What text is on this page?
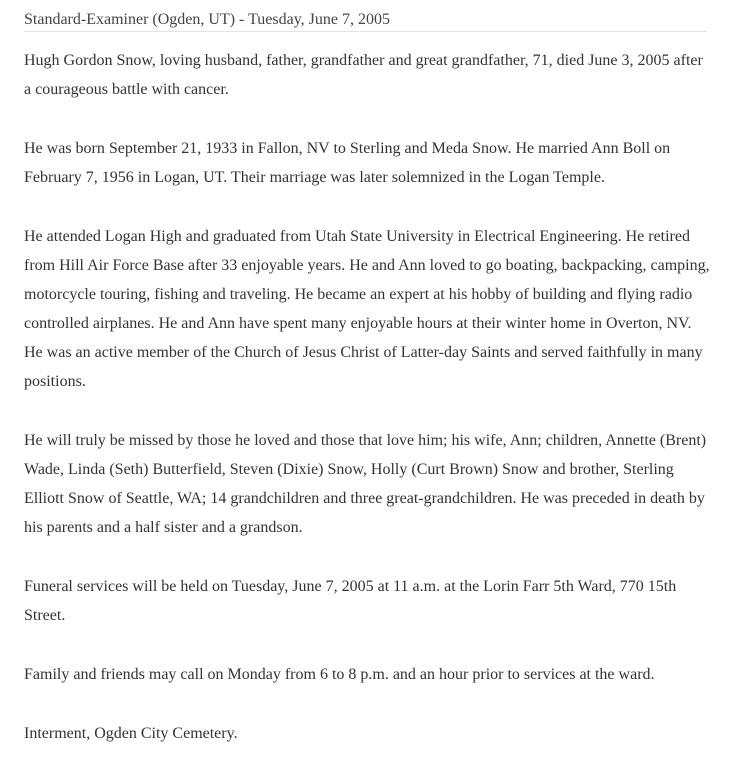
Standard-Examiner (Ogden, UT) - Tuesday, June 7, 2005

Hugh Gordon Snow, loving husband, father, grandfather and great grandfather, 71, died June 3, 2005 after a courageous battle with cancer.

He was born September 21, 1933 in Fallon, NV to Sterling and Meda Snow. He married Ann Boll on February 7, 1956 in Logan, UT. Their marriage was later solemnized in the Logan Temple.

He attended Logan High and graduated from Utah State University in Electrical Engineering. He retired from Hill Air Force Base after 33 enjoyable years. He and Ann loved to go boating, backpacking, camping, motorcycle touring, fishing and traveling. He became an expert at his hobby of building and flying radio controlled airplanes. He and Ann have spent many enjoyable hours at their winter home in Overton, NV. He was an active member of the Church of Jesus Christ of Latter-day Saints and served faithfully in many positions.

He will truly be missed by those he loved and those that love him; his wife, Ann; children, Annette (Brent) Wade, Linda (Seth) Butterfield, Steven (Dixie) Snow, Holly (Curt Brown) Snow and brother, Sterling Elliott Snow of Seattle, WA; 14 grandchildren and three great-grandchildren. He was preceded in death by his parents and a half sister and a grandson.

Funeral services will be held on Tuesday, June 7, 2005 at 11 a.m. at the Lorin Farr 5th Ward, 770 15th Street.

Family and friends may call on Monday from 6 to 8 p.m. and an hour prior to services at the ward.

Interment, Ogden City Cemetery.
